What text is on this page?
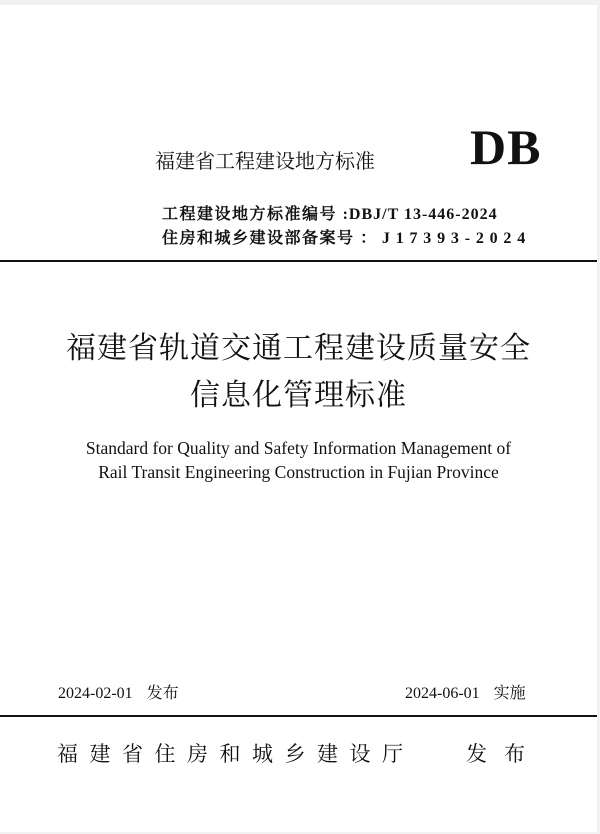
福建省工程建设地方标准 DB
工程建设地方标准编号 :DBJ/T 13-446-2024
住房和城乡建设部备案号 ：J17393-2024
福建省轨道交通工程建设质量安全
信息化管理标准
Standard for Quality and Safety Information Management of
Rail Transit Engineering Construction in Fujian Province
2024-02-01 发布	2024-06-01 实施
福建省住房和城乡建设厅 发布
